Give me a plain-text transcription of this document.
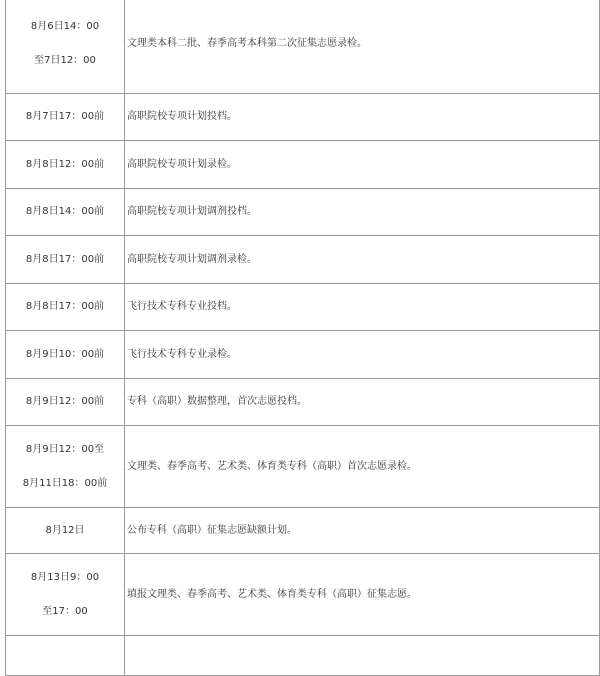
8月6日14：00
至7日12：00	文理类本科二批、春季高考本科第二次征集志愿录检。

8月7日17：00前	高职院校专项计划投档。

8月8日12：00前	高职院校专项计划录检。

8月8日14：00前	高职院校专项计划调剂投档。

8月8日17：00前	高职院校专项计划调剂录检。

8月8日17：00前	飞行技术专科专业投档。

8月9日10：00前	飞行技术专科专业录检。

8月9日12：00前	专科（高职）数据整理，首次志愿投档。

8月9日12：00至
8月11日18：00前	文理类、春季高考、艺术类、体育类专科（高职）首次志愿录检。

8月12日	公布专科（高职）征集志愿缺额计划。

8月13日9：00
至17：00	填报文理类、春季高考、艺术类、体育类专科（高职）征集志愿。
